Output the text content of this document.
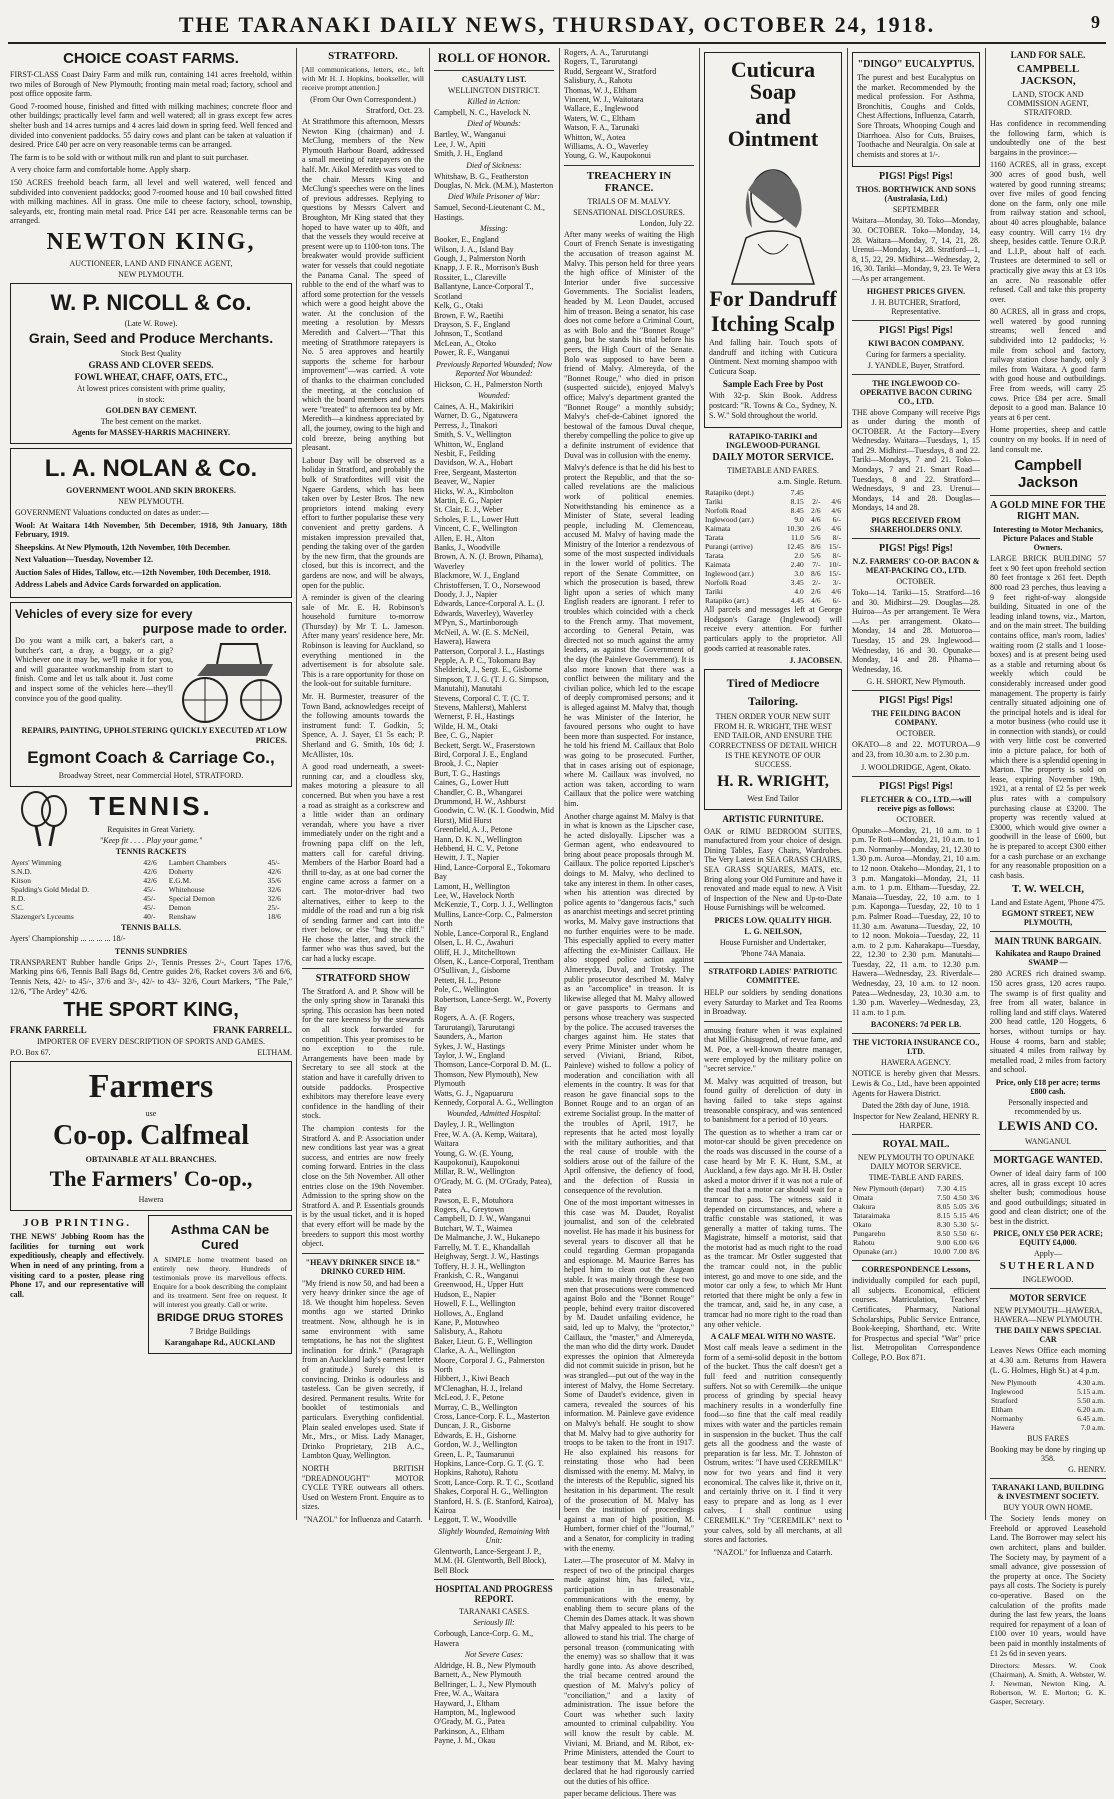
THE TARANAKI DAILY NEWS, THURSDAY, OCTOBER 24, 1918.	9
CHOICE COAST FARMS.

FIRST-CLASS Coast Dairy Farm and milk run, containing 141 acres freehold, within two miles of Borough of New Plymouth; fronting main metal road; factory, school and post office opposite farm.

Good 7-roomed house, finished and fitted with milking machines; concrete floor and other buildings; practically level farm and well watered; all in grass except few acres shelter bush and 14 acres turnips and 4 acres laid down in spring feed. Well fenced and divided into convenient paddocks. 55 dairy cows and plant can be taken at valuation if desired. Price £40 per acre on very reasonable terms can be arranged.

The farm is to be sold with or without milk run and plant to suit purchaser.

A very choice farm and comfortable home. Apply sharp.

150 ACRES freehold beach farm, all level and well watered, well fenced and subdivided into convenient paddocks; good 7-roomed house and 10 bail cowshed fitted with milking machines. All in grass. One mile to cheese factory, school, township, saleyards, etc, fronting main metal road. Price £41 per acre. Reasonable terms can be arranged.

NEWTON KING,
AUCTIONEER, LAND AND FINANCE AGENT,
NEW PLYMOUTH.
W. P. NICOLL & Co.
(Late W. Rowe).
Grain, Seed and Produce Merchants.
Stock Best Quality
GRASS AND CLOVER SEEDS.
FOWL WHEAT, CHAFF, OATS, ETC.,
At lowest prices consistent with prime quality,
in stock:
GOLDEN BAY CEMENT.
The best cement on the market.
Agents for MASSEY-HARRIS MACHINERY.
L. A. NOLAN & Co.
GOVERNMENT WOOL AND SKIN BROKERS.
NEW PLYMOUTH.

GOVERNMENT Valuations conducted on dates as under:—

Wool: At Waitara 14th November, 5th December, 1918, 9th January, 18th February, 1919.

Sheepskins. At New Plymouth, 12th November, 10th December.

Next Valuation—Tuesday, November 12.

Auction Sales of Hides, Tallow, etc.—12th November, 10th December, 1918.

Address Labels and Advice Cards forwarded on application.

Vehicles of every size for every
purpose made to order.

Do you want a milk cart, a baker's cart, a butcher's cart, a dray, a buggy, or a gig? Whichever one it may be, we'll make it for you, and will guarantee workmanship from start to finish. Come and let us talk about it. Just come and inspect some of the vehicles here—they'll convince you of the good quality.

REPAIRS, PAINTING, UPHOLSTERING QUICKLY EXECUTED AT LOW PRICES.

Egmont Coach & Carriage Co.,
Broadway Street, near Commercial Hotel, STRATFORD.
TENNIS.
Requisites in Great Variety.
"Keep fit . . . . Play your game."
TENNIS RACKETS
Ayers' Wimming	42/6	Lambert Chambers	45/-
S.N.D.	42/6	Doherty	42/6
Kitson	42/6	E.G.M.	35/6
Spalding's Gold Medal D.	45/-	Whitehouse	32/6
R.D.	45/-	Special Demon	32/6
S.C.	45/-	Demon	25/-
Slazenger's Lyceums	40/-	Renshaw	18/6
TENNIS BALLS.
Ayers' Championship ... ... ... ... 18/-
TENNIS SUNDRIES

TRANSPARENT Rubber handle Grips 2/-, Tennis Presses 2/-, Court Tapes 17/6, Marking pins 6/6, Tennis Ball Bags 8d, Centre guides 2/6, Racket covers 3/6 and 6/6, Tennis Nets, 42/- to 45/-, 37/6 and 3/-, 42/- to 43/- 32/6, Court Markers, "The Pale," 12/6, "The Ardey" 42/6.

THE SPORT KING,
FRANK FARRELL	FRANK FARRELL.
IMPORTER OF EVERY DESCRIPTION OF SPORTS AND GAMES.
P.O. Box 67.	ELTHAM.
Farmers
use
Co-op. Calfmeal
OBTAINABLE AT ALL BRANCHES.
The Farmers' Co-op.,
Hawera
JOB PRINTING.

THE NEWS' Jobbing Room has the facilities for turning out work expeditiously, cheaply and effectively. When in need of any printing, from a visiting card to a poster, please ring Phone 17, and our representative will call.

Asthma CAN be Cured

A SIMPLE home treatment based on entirely new theory. Hundreds of testimonials prove its marvellous effects. Enquire for a book describing the complaint and its treatment. Sent free on request. It will interest you greatly. Call or write.

BRIDGE DRUG STORES
7 Bridge Buildings
Karangahape Rd., AUCKLAND
STRATFORD.

[All communications, letters, etc., left with Mr H. J. Hopkins, bookseller, will receive prompt attention.]

(From Our Own Correspondent.)
Stratford, Oct. 23.

At Stratthmore this afternoon, Messrs Newton King (chairman) and J. McClung, members of the New Plymouth Harbour Board, addressed a small meeting of ratepayers on the half. Mr. Aikol Meredith was voted to the chair. Messrs King and McClung's speeches were on the lines of previous addresses. Replying to questions by Messrs Calvert and Broughton, Mr King stated that they hoped to have water up to 40ft, and that the vessels they would receive at present were up to 1100-ton tons. The breakwater would provide sufficient water for vessels that could negotiate the Panama Canal. The speed of rubble to the end of the wharf was to afford some protection for the vessels which were a good height above the water. At the conclusion of the meeting a resolution by Messrs Meredith and Calvert—"That this meeting of Stratthmore ratepayers is No. 5 area approves and heartily supports the scheme for harbour improvement"—was carried. A vote of thanks to the chairman concluded the meeting, at the conclusion of which the board members and others were "treated" to afternoon tea by Mr. Meredith—a kindness appreciated by all, the journey, owing to the high and cold breeze, being anything but pleasant.

Labour Day will be observed as a holiday in Stratford, and probably the bulk of Stratfordites will visit the Ngaere Gardens, which has been taken over by Lester Bros. The new proprietors intend making every effort to further popularise these very convenient and pretty gardens. A mistaken impression prevailed that, pending the taking over of the garden by the new firm, that the grounds are closed, but this is incorrect, and the gardens are now, and will be always, open for the public.

A reminder is given of the clearing sale of Mr. E. H. Robinson's household furniture to-morrow (Thursday) by Mr T. L. Jameson. After many years' residence here, Mr. Robinson is leaving for Auckland, so everything mentioned in the advertisement is for absolute sale. This is a rare opportunity for those on the look-out for suitable furniture.

Mr. H. Burmester, treasurer of the Town Band, acknowledges receipt of the following amounts towards the instrument fund: T. Godkin, 5; Spence, A. J. Sayer, £1 5s each; P. Sherland and G. Smith, 10s 6d; J. McAllister, 10s.

A good road underneath, a sweet-running car, and a cloudless sky, makes motoring a pleasure to all concerned. But when you have a rest a road as straight as a corkscrew and a little wider than an ordinary verandah, where you have a river immediately under on the right and a frowning papa cliff on the left, matters call for careful driving. Members of the Harbor Board had a thrill to-day, as at one bad corner the engine came across a farmer on a cart. The motor-driver had two alternatives, either to keep to the middle of the road and run a big risk of sending farmer and cart into the river below, or else "hug the cliff." He chose the latter, and struck the farmer who was thus saved, but the car had a lucky escape.

STRATFORD SHOW

The Stratford A. and P. Show will be the only spring show in Taranaki this spring. This occasion has been noted for the rare keenness by the stewards on all stock forwarded for competition. This year promises to be no exception to the rule. Arrangements have been made by Secretary to see all stock at the station and have it carefully driven to outside paddocks. Prospective exhibitors may therefore leave every confidence in the handling of their stock.

The champion contests for the Stratford A. and P. Association under new conditions last year was a great success, and entries are now freely coming forward. Entries in the class close on the 5th November. All other entries close on the 19th November. Admission to the spring show on the Stratford A. and P. Essentials grounds is by the usual ticket, and it is hoped that every effort will be made by the breeders to support this most worthy object.

"HEAVY DRINKER SINCE 18." DRINKO CURED HIM.

"My friend is now 50, and had been a very heavy drinker since the age of 18. We thought him hopeless. Seven months ago we started Drinko treatment. Now, although he is in same environment with same temptations, he has not the slightest inclination for drink." (Paragraph from an Auckland lady's earnest letter of gratitude.) Surely this is convincing. Drinko is odourless and tasteless. Can be given secretly, if desired. Permanent results. Write for booklet of testimonials and particulars. Everything confidential. Plain sealed envelopes used. State if Mr., Mrs., or Miss. Lady Manager, Drinko Proprietary, 21B A.C., Lambton Quay, Wellington.

NORTH BRITISH "DREADNOUGHT" MOTOR CYCLE TYRE outwears all others. Used on Western Front. Enquire as to sizes.

"NAZOL" for Influenza and Catarrh.
ROLL OF HONOR.
CASUALTY LIST.
WELLINGTON DISTRICT.
Killed in Action:
Campbell, N. C., Havelock N.
Died of Wounds:
Bartley, W., Wanganui
Lee, J. W., Apiti
Smith, J. H., England
Died of Sickness:
Whitshaw, B. G., Featherston
Douglas, N. Mck. (M.M.), Masterton
Died While Prisoner of War:
Samuel, Second-Lieutenant C. M., Hastings.
Missing:
Booker, E., England
Wilson, J. A., Island Bay
Gough, J., Palmerston North
Knapp, J. F. R., Morrison's Bush
Rossiter, L., Clareville
Ballantyne, Lance-Corporal T., Scotland
Kelk, G., Otaki
Brown, F. W., Raetihi
Drayson, S. F., England
Johnson, T., Scotland
McLean, A., Otoko
Power, R. F., Wanganui
Previously Reported Wounded; Now Reported Not Wounded:
Hickson, C. H., Palmerston North
Wounded:
Caines, A. H., Makirikiri
Warner, D. G., Ngatuwera
Perress, J., Tinakori
Smith, S. V., Wellington
Whitton, W., England
Nesbit, F., Feilding
Davidson, W. A., Hobart
Free, Sergeant, Masterton
Beaver, W., Napier
Hicks, W. A., Kimbolton
Martin, E. G., Napier
St. Clair, E. J., Weber
Scholes, F. L., Lower Hutt
Vincent, C. F., Wellington
Allen, E. H., Alton
Banks, J., Woodville
Brown, A. N. (J. Brown, Pihama), Waverley
Blackmore, W. J., England
Christoffersen, T. O., Norsewood
Doody, J. J., Napier
Edwards, Lance-Corporal A. L. (J. Edwards, Waverley), Waverley
M'Pyn, S., Martinborough
McNeil, A. W. (E. S. McNeil, Hawera), Hawera
Patterson, Corporal J. L., Hastings
Pepple, A. P. C., Tokomaru Bay
Shelderick, J., Sergt. E., Gisborne
Simpson, T. J. G. (T. J. G. Simpson, Manutahi), Manutahi
Stevens, Corporal C. T. (C. T. Stevens, Mahlerst), Mahlerst
Wernerst, F. H., Hastings
Wilde, H. M., Otaki
Bee, C. G., Napier
Beckett, Sergt. W., Fraserstown
Bird, Corporal J. E., England
Brook, J. C., Napier
Burt, T. G., Hastings
Caines, G., Lower Hutt
Chandler, C. B., Whangarei
Drummond, H. W., Ashburst
Goodwin, C. W. (K. I. Goodwin, Mid Hurst), Mid Hurst
Greenfield, A. J., Petone
Hann, D. K. N., Wellington
Hebbend, H. C. V., Petone
Hewitt, J. T., Napier
Hind, Lance-Corporal E., Tokomaru Bay
Lamont, H., Wellington
Lee, W., Havelock North
McKenzie, T., Corp. J. J., Wellington
Mullins, Lance-Corp. C., Palmerston North
Noble, Lance-Corporal R., England
Olsen, L. H. C., Awahuri
Oliff, H. J., Mitchelltown
Olsen, K., Lance-Corporal, Trentham
O'Sullivan, J., Gisborne
Pettett, H. L., Petone
Pole, C., Wellington
Robertson, Lance-Sergt. W., Poverty Bay
Rogers, A. A. (F. Rogers, Tarurutangi), Tarurutangi
Saunders, A., Marton
Sykes, J. W., Hastings
Taylor, J. W., England
Thomson, Lance-Corporal D. M. (L. Thomson, New Plymouth), New Plymouth
Watts, G. J., Ngapuaruru
Kennedy, Corporal A. G., Wellington
Wounded, Admitted Hospital:
Dayley, J. R., Wellington
Free, W. A. (A. Kemp, Waitara), Waitara
Young, G. W. (E. Young, Kaupokonui), Kaupokonui
Millar, R. W., Wellington
O'Grady, M. G. (M. O'Grady, Patea), Patea
Pawson, E. F., Motuhora
Rogers, A., Greytown
Campbell, D. J. W., Wanganui
Butchart, W. T., Waimea
De Malmanche, J. W., Hukanepo
Farrelly, M. T. E., Khandallah
Heighway, Sergt. J. W., Hastings
Toffery, H. J. H., Wellington
Frankish, C. R., Wanganui
Greenwood, H., Upper Hutt
Hudson, E., Napier
Howell, F. L., Wellington
Hollows, A., England
Kane, P., Motuwheo
Salisbury, A., Rahotu
Baker, Lieut. G. F., Wellington
Clarke, A. A., Wellington
Moore, Corporal J. G., Palmerston North
Hibbert, J., Kiwi Beach
M'Clenaghan, H. J., Ireland
McLeod, J. F., Petone
Murray, C. B., Wellington
Cross, Lance-Corp. F. L., Masterton
Duncan, J. R., Gisborne
Edwards, E. H., Gisborne
Gordon, W. J., Wellington
Green, L. P., Taumarunui
Hopkins, Lance-Corp. G. T. (G. T. Hopkins, Rahotu), Rahotu
Scott, Lance-Corp. R. T. C., Scotland
Shakes, Corporal H. G., Wellington
Stanford, H. S. (E. Stanford, Kairoa), Kairoa
Leggott, T. W., Woodville
Slightly Wounded, Remaining With Unit:
Glentworth, Lance-Sergeant J. P., M.M. (H. Glentworth, Bell Block), Bell Block
HOSPITAL AND PROGRESS REPORT.
TARANAKI CASES.
Seriously Ill:
Corbough, Lance-Corp. G. M., Hawera
Not Severe Cases:
Aldridge, H. B., New Plymouth
Barnett, A., New Plymouth
Bellringer, L. J., New Plymouth
Free, W. A., Waitara
Hayward, J., Eltham
Hampton, M., Inglewood
O'Grady, M. G., Patea
Parkinson, A., Eltham
Payne, J. M., Okau
Rogers, A. A., Tarurutangi
Rogers, T., Tarurutangi
Rudd, Sergeant W., Stratford
Salisbury, A., Rahotu
Thomas, W. J., Eltham
Vincent, W. J., Waitotara
Wallace, E., Inglewood
Waters, W. C., Eltham
Watson, F. A., Tarunaki
Whitton, W., Aotea
Williams, A. O., Waverley
Young, G. W., Kaupokonui
TREACHERY IN FRANCE.
TRIALS OF M. MALVY.
SENSATIONAL DISCLOSURES.
London, July 22.

After many weeks of waiting the High Court of French Senate is investigating the accusation of treason against M. Malvy. This person held for three years the high office of Minister of the Interior under five successive Governments. The Socialist leaders, headed by M. Leon Daudet, accused him of treason. Being a senator, his case does not come before a Criminal Court, as with Bolo and the "Bonnet Rouge" gang, but he stands his trial before his peers, the High Court of the Senate. Bolo was supposed to have been a friend of Malvy. Almereyda, of the "Bonnet Rouge," who died in prison (suspected suicide), enjoyed Malvy's office; Malvy's department granted the "Bonnet Rouge" a monthly subsidy; Malvy's chef-de-Cabinet ignored the bestowal of the famous Duval cheque, thereby compelling the police to give up a definite instrument of evidence that Duval was in collusion with the enemy.

Malvy's defence is that he did his best to protect the Republic, and that the so-called revelations are the malicious work of political enemies. Notwithstanding his eminence as a Minister of State, several leading people, including M. Clemenceau, accused M. Malvy of having made the Ministry of the Interior a rendezvous of some of the most suspected individuals in the lower world of politics. The report of the Senate Committee, on which the prosecution is based, threw light upon a series of which many English readers are ignorant. I refer to troubles which coincided with a check to the French army. That movement, according to General Petain, was directed not so much against the army leaders, as against the Government of the day (the Painleve Government). It is also more known that there was a conflict between the military and the civilian police, which led to the escape of deeply compromised persons; and it is alleged against M. Malvy that, though he was Minister of the Interior, he favoured persons who ought to have been more than suspected. For instance, he told his friend M. Caillaux that Bolo was going to be prosecuted. Further, that in cases arising out of espionage, where M. Caillaux was involved, no action was taken, according to warn Caillaux that the police were watching him.

Another charge against M. Malvy is that in what is known as the Lipscher case, he acted disloyally. Lipscher was a German agent, who endeavoured to bring about peace proposals through M. Caillaux. The police reported Lipscher's doings to M. Malvy, who declined to take any interest in them. In other cases, when his attention was directed by police agents to "dangerous facts," such as anarchist meetings and secret printing works, M. Malvy gave instructions that no further enquiries were to be made. This especially applied to every matter affecting the ex-Minister Caillaux. He also stopped police action against Almereyda, Duval, and Trotsky. The public prosecutor described M. Malvy as an "accomplice" in treason. It is likewise alleged that M. Malvy allowed or gave passports to Germans and persons whose treachery was suspected by the police. The accused traverses the charges against him. He states that every Prime Minister under whom he served (Viviani, Briand, Ribot, Painleve) wished to follow a policy of moderation and conciliation with all elements in the country. It was for that reason he gave financial sops to the Bonnet Rouge and to an organ of an extreme Socialist group. In the matter of the troubles of April, 1917, he represents that he acted most loyally with the military authorities, and that the real cause of trouble with the soldiers arose out of the failure of the April offensive, the defiency of food, and the defection of Russia in consequence of the revolution.

One of the most important witnesses in this case was M. Daudet, Royalist journalist, and son of the celebrated novelist. He has made it his business for several years to discover all that he could regarding German propaganda and espionage. M. Maurice Barres has helped him to clean out the Augean stable. It was mainly through these two men that prosecutions were commenced against Bolo and the "Bonnet Rouge" people, behind every traitor discovered by M. Daudet unfailing evidence, he said, led up to Malvy, the "protector," Caillaux, the "master," and Almereyda, the man who did the dirty work. Daudet expresses the opinion that Almereyda did not commit suicide in prison, but he was strangled—put out of the way in the interest of Malvy, the Home Secretary. Some of Daudet's evidence, given in camera, revealed the sources of his information. M. Painleve gave evidence on Malvy's behalf. He sought to show that M. Malvy had to give authority for troops to be taken to the front in 1917. He also explained his reasons for reinstating those who had been dismissed with the enemy. M. Malvy, in the interests of the Republic, signed his hesitation in his department. The result of the prosecution of M. Malvy has been the institution of proceedings against a man of high position, M. Humbert, former chief of the "Journal," and a Senator, for complicity in trading with the enemy.

Later.—The prosecutor of M. Malvy in respect of two of the principal charges made against him, has failed, viz., participation in treasonable communications with the enemy, by enabling them to secure plans of the Chemin des Dames attack. It was shown that Malvy appealed to his peers to be allowed to stand his trial. The charge of personal treason (communicating with the enemy) was so shallow that it was hardly gone into. As above described, the trial became centred around the question of M. Malvy's policy of "conciliation," and a laxity of administration. The issue before the Court was whether such laxity amounted to criminal culpability. You will know the result by cable. M. Viviani, M. Briand, and M. Ribot, ex-Prime Ministers, attended the Court to bear testimony that M. Malvy having declared that he had rigorously carried out the duties of his office.

paper became delicious. There was

Cuticura Soap
and Ointment
For Dandruff
Itching Scalp

And falling hair. Touch spots of dandruff and itching with Cuticura Ointment. Next morning shampoo with Cuticura Soap.

Sample Each Free by Post

With 32-p. Skin Book. Address postcard: "R. Towns & Co., Sydney, N. S. W." Sold throughout the world.

RATAPIKO-TARIKI and INGLEWOOD-PURANGI.
DAILY MOTOR SERVICE.
TIMETABLE AND FARES.
a.m. Single. Return.
Ratapiko (dept.)	7.45		
Tariki	8.15	2/-	4/6
Norfolk Road	8.45	2/6	4/6
Inglewood (arr.)	9.0	4/6	6/-
Kaimata	10.30	2/6	4/6
Tarata	11.0	5/6	8/-
Purangi (arrive)	12.45	8/6	15/-
Tarata	2.0	5/6	8/-
Kaimata	2.40	7/-	10/-
Inglewood (arr.)	3.0	8/6	15/-
Norfolk Road	3.45	2/-	3/-
Tariki	4.0	2/6	4/6
Ratapiko (arr.)	4.45	4/6	6/-

All parcels and messages left at George Hodgson's Garage (Inglewood) will receive every attention. For further particulars apply to the proprietor. All goods carried at reasonable rates.

J. JACOBSEN.
Tired of Mediocre
Tailoring.

THEN ORDER YOUR NEW SUIT FROM H. R. WRIGHT, THE WEST END TAILOR, AND ENSURE THE CORRECTNESS OF DETAIL WHICH IS THE KEYNOTE OF OUR SUCCESS.

H. R. WRIGHT,
West End Tailor
ARTISTIC FURNITURE.

OAK or RIMU BEDROOM SUITES, manufactured from your choice of design. Dining Tables, Easy Chairs, Wardrobes. The Very Latest in SEA GRASS CHAIRS, SEA GRASS SQUARES, MATS, etc. Bring along your Old Furniture and have it renovated and made equal to new. A Visit of Inspection of the New and Up-to-Date House Furnishings will be welcomed.

PRICES LOW. QUALITY HIGH.
L. G. NEILSON,
House Furnisher and Undertaker,
'Phone 74A Manaia.
STRATFORD LADIES' PATRIOTIC COMMITTEE.

HELP our soldiers by sending donations every Saturday to Market and Tea Rooms in Broadway.

amusing feature when it was explained that Millie Ghisugrend, of revue fame, and M. Poe, a well-known theatre manager, were employed by the military police on "secret service."

M. Malvy was acquitted of treason, but found guilty of dereliction of duty in having failed to take steps against treasonable conspiracy, and was sentenced to banishment for a period of 10 years.

The question as to whether a tram car or motor-car should be given precedence on the roads was discussed in the course of a case heard by Mr F. K. Hunt, S.M., at Auckland, a few days ago. Mr H. H. Ostler asked a motor driver if it was not a rule of the road that a motor car should wait for a tramcar to pass. The witness said it depended on circumstances, and, where a traffic constable was stationed, it was generally a matter of taking turns. The Magistrate, himself a motorist, said that the motorist had as much right to the road as the tramcar. Mr Ostler suggested that the tramcar could not, in the public interest, go and move to one side, and the motor car only a few, to which Mr Hunt retorted that there might be only a few in the tramcar, and, said he, in any case, a tramcar had no more right to the road than any other vehicle.

A CALF MEAL WITH NO WASTE.

Most calf meals leave a sediment in the form of a semi-solid deposit in the bottom of the bucket. Thus the calf doesn't get a full feed and nutrition consequently suffers. Not so with Ceremilk—the unique process of grinding by special heavy machinery results in a wonderfully fine food—so fine that the calf meal readily mixes with water and the particles remain in suspension in the bucket. Thus the calf gets all the goodness and the waste of preparation is far less. Mr. T. Johnston of Ostrum, writes: "I have used CEREMILK" now for two years and find it very economical. The calves like it, thrive on it, and certainly thrive on it. I find it very easy to prepare and as long as I ever calves, I shall continue using CEREMILK." Try "CEREMILK" next to your calves, sold by all merchants, at all stores and factories.

"NAZOL" for Influenza and Catarrh.
"DINGO" EUCALYPTUS.

The purest and best Eucalyptus on the market. Recommended by the medical profession. For Asthma, Bronchitis, Coughs and Colds, Chest Affections, Influenza, Catarrh, Sore Throats, Whooping Cough and Diarrhoea. Also for Cuts, Bruises, Toothache and Neuralgia. On sale at chemists and stores at 1/-.

PIGS! Pigs! Pigs!
THOS. BORTHWICK AND SONS (Australasia, Ltd.)
SEPTEMBER

Waitara—Monday, 30. Toko—Monday, 30. OCTOBER. Toko—Monday, 14, 28. Waitara—Monday, 7, 14, 21, 28. Urenui—Monday, 14, 28. Stratford—1, 8, 15, 22, 29. Midhirst—Wednesday, 2, 16, 30. Tariki—Monday, 9, 23. Te Wera—As per arrangement.

HIGHEST PRICES GIVEN.
J. H. BUTCHER, Stratford, Representative.
PIGS! Pigs! Pigs!
KIWI BACON COMPANY.
Curing for farmers a speciality.
J. YANDLE, Buyer, Stratford.
THE INGLEWOOD CO-OPERATIVE BACON CURING CO., LTD.

THE above Company will receive Pigs as under during the month of OCTOBER. At the Factory—Every Wednesday. Waitara—Tuesdays, 1, 15 and 29. Midhirst—Tuesdays, 8 and 22. Tariki—Mondays, 7 and 21. Toko—Mondays, 7 and 21. Smart Road—Tuesdays, 8 and 22. Stratford—Wednesdays, 9 and 23. Urenui—Mondays, 14 and 28. Douglas—Mondays, 14 and 28.

PIGS RECEIVED FROM SHAREHOLDERS ONLY.
PIGS! Pigs! Pigs!
N.Z. FARMERS' CO-OP. BACON & MEAT-PACKING CO., LTD.
OCTOBER.

Toko—14. Tariki—15. Stratford—16 and 30. Midhirst—29. Douglas—28. Huiroa—As per arrangement. Te Wera—As per arrangement. Okato—Monday, 14 and 28. Motuoroa—Tuesday, 15 and 29. Inglewood—Wednesday, 16 and 30. Opunake—Monday, 14 and 28. Pihama—Wednesday, 16.

G. H. SHORT, New Plymouth.
PIGS! Pigs! Pigs!
THE FEILDING BACON COMPANY.
OCTOBER.

OKATO—8 and 22. MOTUROA—9 and 23, from 10.30 a.m. to 2.30 p.m.

J. WOOLDRIDGE, Agent, Okato.
PIGS! Pigs! Pigs!
FLETCHER & CO., LTD.—will receive pigs as follows:
OCTOBER.

Opunake—Monday, 21, 10 a.m. to 1 p.m. Te Roti—Monday, 21, 10 a.m. to 1 p.m. Normanby—Monday, 21, 12.30 to 1.30 p.m. Auroa—Monday, 21, 10 a.m. to 12 noon. Otakeho—Monday, 21, 1 to 3 p.m. Mangatoki—Monday, 21, 11 a.m. to 1 p.m. Eltham—Tuesday, 22. Manaia—Tuesday, 22, 10 a.m. to 1 p.m. Kaponga—Tuesday, 22, 10 to 1 p.m. Palmer Road—Tuesday, 22, 10 to 11.30 a.m. Awatuna—Tuesday, 22, 10 to 12 noon. Mokoia—Tuesday, 22, 11 a.m. to 2 p.m. Kaharakapu—Tuesday, 22, 12.30 to 2.30 p.m. Manutahi—Tuesday, 22, 11 a.m. to 12.30 p.m. Hawera—Wednesday, 23. Riverdale—Wednesday, 23, 10 a.m. to 12 noon. Patea—Wednesday, 23, 10.30 a.m. to 1.30 p.m. Waverley—Wednesday, 23, 11 a.m. to 1 p.m.

BACONERS: 7d PER LB.
THE VICTORIA INSURANCE CO., LTD.
HAWERA AGENCY.

NOTICE is hereby given that Messrs. Lewis & Co., Ltd., have been appointed Agents for Hawera District.

Dated the 28th day of June, 1918.
Inspector for New Zealand, HENRY R. HARPER.
ROYAL MAIL.
NEW PLYMOUTH TO OPUNAKE DAILY MOTOR SERVICE.
TIME-TABLE AND FARES.
New Plymouth (depart)	7.30	4.15	
Omata	7.50	4.50	3/6
Oakura	8.05	5.05	3/6
Tataraimaka	8.15	5.15	4/6
Okato	8.30	5.30	5/-
Pungarehu	8.50	5.50	6/-
Rahotu	9.00	6.00	6/6
Opunake (arr.)	10.00	7.00	8/6
CORRESPONDENCE Lessons,

individually compiled for each pupil, all subjects. Economical, efficient courses. Matriculation, Teachers' Certificates, Pharmacy, National Scholarships, Public Service Entrance, Book-keeping, Shorthand, etc. Write for Prospectus and special "War" price list. Metropolitan Correspondence College, P.O. Box 871.

LAND FOR SALE.
CAMPBELL JACKSON,
LAND, STOCK AND COMMISSION AGENT, STRATFORD.

Has confidence in recommending the following farm, which is undoubtedly one of the best bargains in the province:—

1160 ACRES, all in grass, except 300 acres of good bush, well watered by good running streams; over five miles of good fencing done on the farm, only one mile from railway station and school, about 40 acres ploughable, balance easy country. Will carry 1½ dry sheep, besides cattle. Tenure O.R.P. and L.I.P., about half of each. Trustees are determined to sell or practically give away this at £3 10s an acre. No reasonable offer refused. Call and take this property over.

80 ACRES, all in grass and crops, well watered by good running streams; well fenced and subdivided into 12 paddocks; ½ mile from school and factory, railway station close handy, only 3 miles from Waitara. A good farm with good house and outbuildings. Free from weeds, will carry 25 cows. Price £84 per acre. Small deposit to a good man. Balance 10 years at 6 per cent.

Home properties, sheep and cattle country on my books. If in need of land consult me.

Campbell Jackson
A GOLD MINE FOR THE RIGHT MAN.
Interesting to Motor Mechanics, Picture Palaces and Stable Owners.

LARGE BRICK BUILDING 57 feet x 90 feet upon freehold section 80 feet frontage x 261 feet. Depth 800 road 23 perches, thus leaving a 9 feet right-of-way alongside building. Situated in one of the leading inland towns, viz., Marton, and on the main street. The building contains office, man's room, ladies' waiting room (2 stalls and 1 loose-boxes) and is at present being used as a stable and returning about 6s weekly which could be considerably increased under good management. The property is fairly centrally situated adjoining one of the principal hotels and is ideal for a motor business (who could use it in connection with stands), or could with very little cost be converted into a picture palace, for both of which there is a splendid opening in Marton. The property is sold on lease, expiring November 19th, 1921, at a rental of £2 5s per week plus rates with a compulsory purchasing clause at £3200. The property was recently valued at £3000, which would give owner a goodwill in the lease of £600, but he is prepared to accept £300 either for a cash purchase or an exchange for any reasonable proposition on a cash basis.

T. W. WELCH,
Land and Estate Agent, 'Phone 475.
EGMONT STREET, NEW PLYMOUTH,
MAIN TRUNK BARGAIN.
Kahikatea and Raupo Drained SWAMP —

280 ACRES rich drained swamp. 150 acres grass, 120 acres raupo. The swamp is of first quality and free from all water, balance in rolling land and stiff clays. Watered 200 head cattle, 120 Hoggets, 6 horses, without turnips or hay. House 4 rooms, barn and stable; situated 4 miles from railway by metalled road, 2 miles from factory and school.

Price, only £18 per acre; terms £800 cash.
Personally inspected and recommended by us.
LEWIS AND CO.
WANGANUI.
MORTGAGE WANTED.

Owner of ideal dairy farm of 100 acres, all in grass except 10 acres shelter bush; commodious house and good outbuildings; situated in good and clean district; one of the best in the district.

PRICE, ONLY £50 PER ACRE; EQUITY £4,000.
Apply—
SUTHERLAND
INGLEWOOD.
MOTOR SERVICE
NEW PLYMOUTH—HAWERA, HAWERA—NEW PLYMOUTH.
THE DAILY NEWS SPECIAL CAR

Leaves News Office each morning at 4.30 a.m. Returns from Hawera (L. G. Holmes, High St.) at 4 p.m.

New Plymouth	4.30 a.m.
Inglewood	5.15 a.m.
Stratford	5.50 a.m.
Eltham	6.20 a.m.
Normanby	6.45 a.m.
Hawera	7.0 a.m.
BUS FARES
Booking may be done by ringing up 358.
G. HENRY.
TARANAKI LAND, BUILDING & INVESTMENT SOCIETY.
BUY YOUR OWN HOME.

The Society lends money on Freehold or approved Leasehold Land. The Borrower may select his own architect, plans and builder. The Society may, by payment of a small advance, give possession of the property at once. The Society pays all costs. The Society is purely co-operative. Based on the calculation of the profits made during the last few years, the loans required for repayment of a loan of £100 over 10 years, would have been paid in monthly instalments of £1 2s 6d in seven years.

Directors: Messrs. W. Cook (Chairman), A. Smith, A. Webster, W. J. Newman, Newton King, A. Robertson, W. E. Morton; G. K. Gasper, Secretary.
